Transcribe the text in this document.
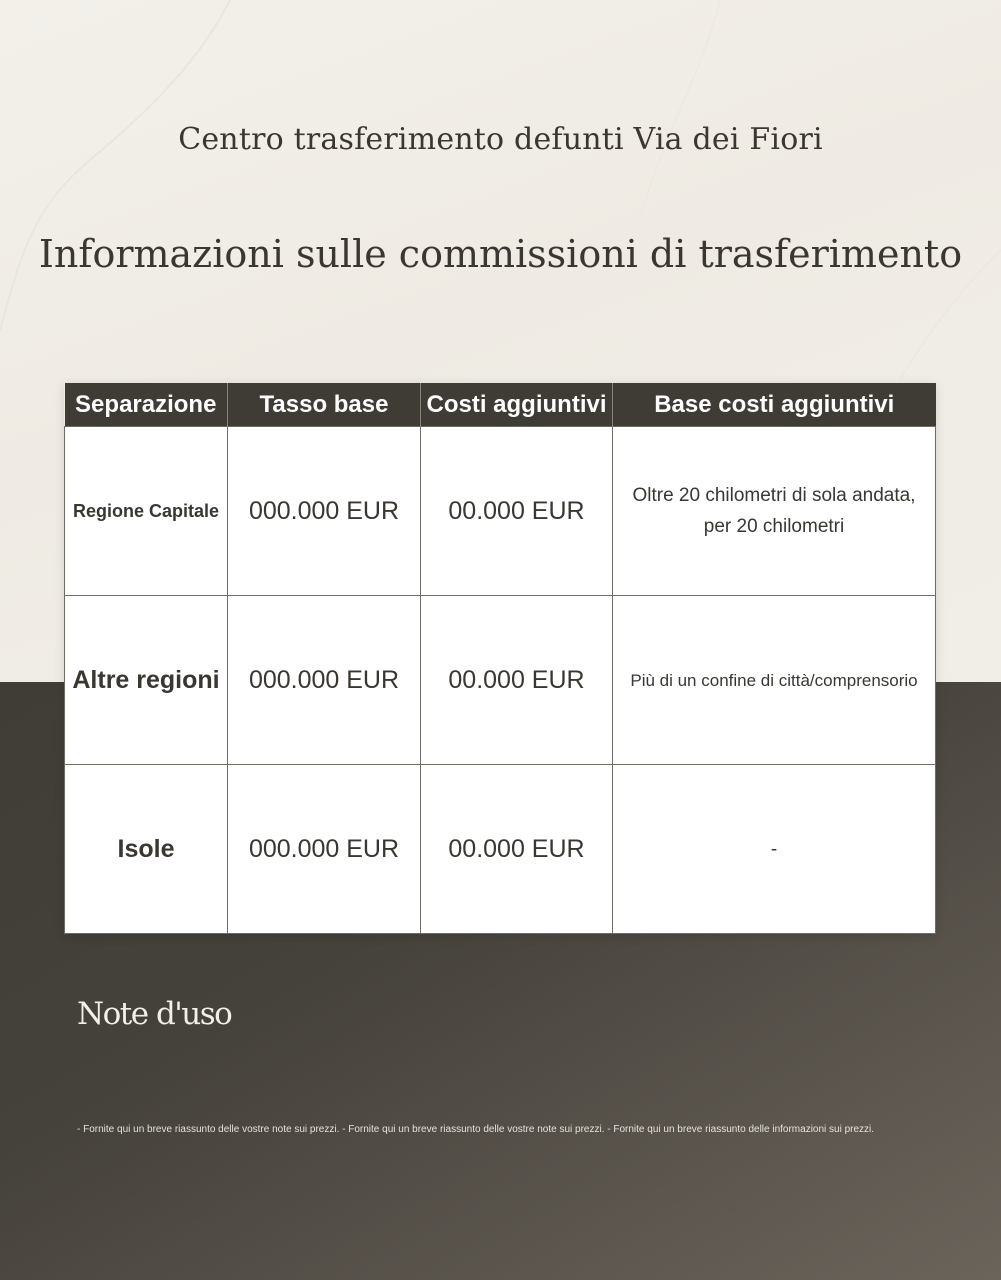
Centro trasferimento defunti Via dei Fiori
Informazioni sulle commissioni di trasferimento
Separazione	Tasso base	Costi aggiuntivi	Base costi aggiuntivi
Regione Capitale	000.000 EUR	00.000 EUR	Oltre 20 chilometri di sola andata,
per 20 chilometri

Altre regioni	000.000 EUR	00.000 EUR	Più di un confine di città/comprensorio
Isole	000.000 EUR	00.000 EUR	-
Note d'uso
- Fornite qui un breve riassunto delle vostre note sui prezzi. - Fornite qui un breve riassunto delle vostre note sui prezzi. - Fornite qui un breve riassunto delle informazioni sui prezzi.
